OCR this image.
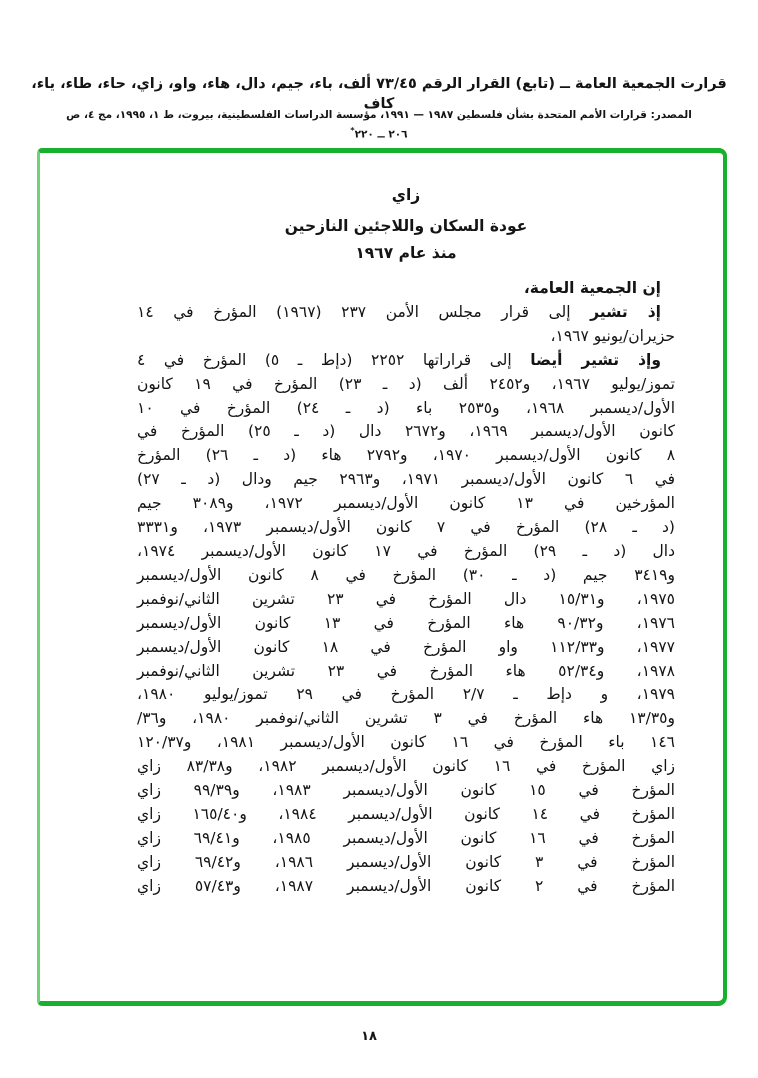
قرارت الجمعية العامة ــ (تابع) القرار الرقم ٧٣/٤٥ ألف، باء، جيم، دال، هاء، واو، زاي، حاء، طاء، ياء، كاف
المصدر: قرارات الأمم المتحدة بشأن فلسطين ١٩٨٧ — ١٩٩١، مؤسسة الدراسات الفلسطينية، بيروت، ط ١، ١٩٩٥، مج ٤، ص ٢٠٦ ــ ٢٢٠*
زاي
عودة السكان واللاجئين النازحين
منذ عام ١٩٦٧
إن الجمعية العامة،
إذ تشير إلى قرار مجلس الأمن ٢٣٧ (١٩٦٧) المؤرخ في ١٤
حزيران/يونيو ١٩٦٧،
وإذ تشير أيضا إلى قراراتها ٢٢٥٢ (دإط ـ ٥) المؤرخ في ٤
تموز/يوليو ١٩٦٧، و٢٤٥٢ ألف (د ـ ٢٣) المؤرخ في ١٩ كانون
الأول/ديسمبر ١٩٦٨، و٢٥٣٥ باء (د ـ ٢٤) المؤرخ في ١٠
كانون الأول/ديسمبر ١٩٦٩، و٢٦٧٢ دال (د ـ ٢٥) المؤرخ في
٨ كانون الأول/ديسمبر ١٩٧٠، و٢٧٩٢ هاء (د ـ ٢٦) المؤرخ
في ٦ كانون الأول/ديسمبر ١٩٧١، و٢٩٦٣ جيم ودال (د ـ ٢٧)
المؤرخين في ١٣ كانون الأول/ديسمبر ١٩٧٢، و٣٠٨٩ جيم
(د ـ ٢٨) المؤرخ في ٧ كانون الأول/ديسمبر ١٩٧٣، و٣٣٣١
دال (د ـ ٢٩) المؤرخ في ١٧ كانون الأول/ديسمبر ١٩٧٤،
و٣٤١٩ جيم (د ـ ٣٠) المؤرخ في ٨ كانون الأول/ديسمبر
١٩٧٥، و١٥/٣١ دال المؤرخ في ٢٣ تشرين الثاني/نوفمبر
١٩٧٦، و٩٠/٣٢ هاء المؤرخ في ١٣ كانون الأول/ديسمبر
١٩٧٧، و١١٢/٣٣ واو المؤرخ في ١٨ كانون الأول/ديسمبر
١٩٧٨، و٥٢/٣٤ هاء المؤرخ في ٢٣ تشرين الثاني/نوفمبر
١٩٧٩، و دإط ـ ٢/٧ المؤرخ في ٢٩ تموز/يوليو ١٩٨٠،
و١٣/٣٥ هاء المؤرخ في ٣ تشرين الثاني/نوفمبر ١٩٨٠، و٣٦/
١٤٦ باء المؤرخ في ١٦ كانون الأول/ديسمبر ١٩٨١، و١٢٠/٣٧
زاي المؤرخ في ١٦ كانون الأول/ديسمبر ١٩٨٢، و٨٣/٣٨ زاي
المؤرخ في ١٥ كانون الأول/ديسمبر ١٩٨٣، و٩٩/٣٩ زاي
المؤرخ في ١٤ كانون الأول/ديسمبر ١٩٨٤، و١٦٥/٤٠ زاي
المؤرخ في ١٦ كانون الأول/ديسمبر ١٩٨٥، و٦٩/٤١ زاي
المؤرخ في ٣ كانون الأول/ديسمبر ١٩٨٦، و٦٩/٤٢ زاي
المؤرخ في ٢ كانون الأول/ديسمبر ١٩٨٧، و٥٧/٤٣ زاي
١٨
